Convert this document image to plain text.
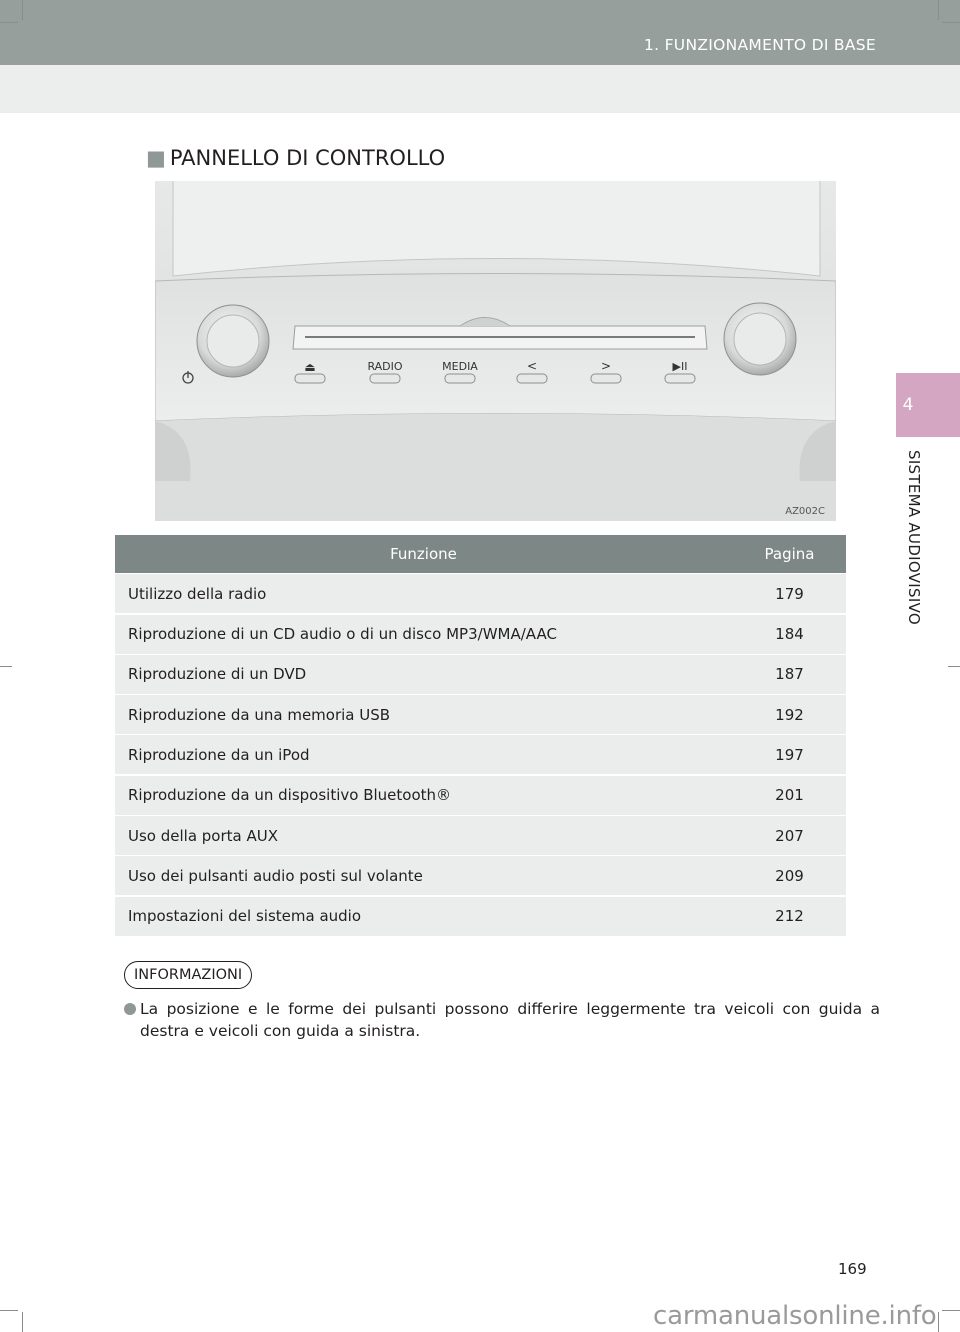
1. FUNZIONAMENTO DI BASE
4
SISTEMA AUDIOVISIVO
■ PANNELLO DI CONTROLLO
⏏	RADIO	MEDIA	<	>	▶II
AZ002C
Funzione	Pagina
Utilizzo della radio	179
Riproduzione di un CD audio o di un disco MP3/WMA/AAC	184
Riproduzione di un DVD	187
Riproduzione da una memoria USB	192
Riproduzione da un iPod	197
Riproduzione da un dispositivo Bluetooth®	201
Uso della porta AUX	207
Uso dei pulsanti audio posti sul volante	209
Impostazioni del sistema audio	212
INFORMAZIONI
La posizione e le forme dei pulsanti possono differire leggermente tra veicoli con guida a destra e veicoli con guida a sinistra.
169
carmanualsonline.info
